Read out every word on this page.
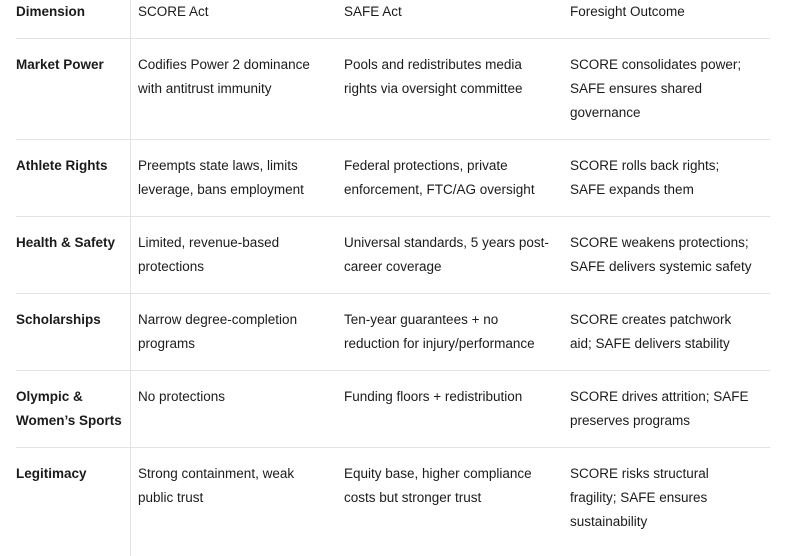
Dimension	SCORE Act	SAFE Act	Foresight Outcome
Market Power	Codifies Power 2 dominance with antitrust immunity	Pools and redistributes media rights via oversight committee	SCORE consolidates power; SAFE ensures shared governance
Athlete Rights	Preempts state laws, limits leverage, bans employment	Federal protections, private enforcement, FTC/AG oversight	SCORE rolls back rights; SAFE expands them
Health & Safety	Limited, revenue-based protections	Universal standards, 5 years post-career coverage	SCORE weakens protections; SAFE delivers systemic safety
Scholarships	Narrow degree-completion programs	Ten-year guarantees + no reduction for injury/performance	SCORE creates patchwork aid; SAFE delivers stability
Olympic & Women’s Sports	No protections	Funding floors + redistribution	SCORE drives attrition; SAFE preserves programs
Legitimacy	Strong containment, weak public trust	Equity base, higher compliance costs but stronger trust	SCORE risks structural fragility; SAFE ensures sustainability
